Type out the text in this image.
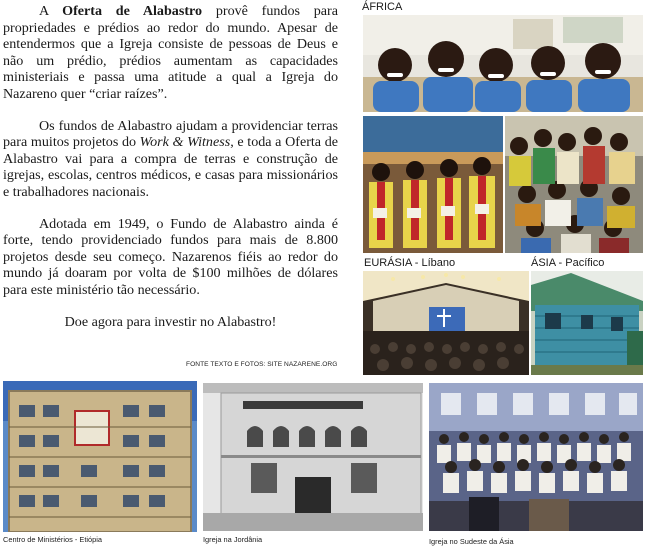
A Oferta de Alabastro provê fundos para propriedades e prédios ao redor do mundo. Apesar de entendermos que a Igreja consiste de pessoas de Deus e não um prédio, prédios aumentam as capacidades ministeriais e passa uma atitude a qual a Igreja do Nazareno quer “criar raízes”.

Os fundos de Alabastro ajudam a providenciar terras para muitos projetos do Work & Witness, e toda a Oferta de Alabastro vai para a compra de terras e construção de igrejas, escolas, centros médicos, e casas para missionários e trabalhadores nacionais.

Adotada em 1949, o Fundo de Alabastro ainda é forte, tendo providenciado fundos para mais de 8.800 projetos desde seu começo. Nazarenos fiéis ao redor do mundo já doaram por volta de $100 milhões de dólares para este ministério tão necessário.

Doe agora para investir no Alabastro!

FONTE TEXTO E FOTOS: SITE NAZARENE.ORG
ÁFRICA
EURÁSIA - Líbano	ÁSIA - Pacífico
Centro de Ministérios - Etiópia	Igreja na Jordânia	Igreja no Sudeste da Ásia
